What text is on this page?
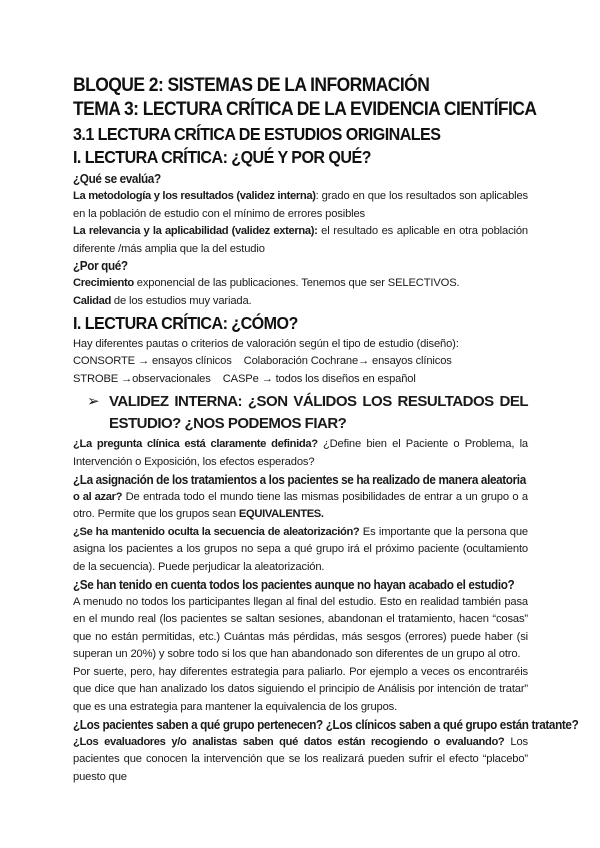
BLOQUE 2: SISTEMAS DE LA INFORMACIÓN
TEMA 3: LECTURA CRÍTICA DE LA EVIDENCIA CIENTÍFICA
3.1 LECTURA CRÍTICA DE ESTUDIOS ORIGINALES
I. LECTURA CRÍTICA: ¿QUÉ Y POR QUÉ?
¿Qué se evalúa?

La metodología y los resultados (validez interna): grado en que los resultados son aplicables en la población de estudio con el mínimo de errores posibles

La relevancia y la aplicabilidad (validez externa): el resultado es aplicable en otra población diferente /más amplia que la del estudio

¿Por qué?

Crecimiento exponencial de las publicaciones. Tenemos que ser SELECTIVOS.

Calidad de los estudios muy variada.

I. LECTURA CRÍTICA: ¿CÓMO?
Hay diferentes pautas o criterios de valoración según el tipo de estudio (diseño):
CONSORTE → ensayos clínicos Colaboración Cochrane→ ensayos clínicos
STROBE →observacionales CASPe → todos los diseños en español
➢ VALIDEZ INTERNA: ¿SON VÁLIDOS LOS RESULTADOS DEL ESTUDIO? ¿NOS PODEMOS FIAR?

¿La pregunta clínica está claramente definida? ¿Define bien el Paciente o Problema, la Intervención o Exposición, los efectos esperados?

¿La asignación de los tratamientos a los pacientes se ha realizado de manera aleatoria

o al azar? De entrada todo el mundo tiene las mismas posibilidades de entrar a un grupo o a otro. Permite que los grupos sean EQUIVALENTES.

¿Se ha mantenido oculta la secuencia de aleatorización? Es importante que la persona que asigna los pacientes a los grupos no sepa a qué grupo irá el próximo paciente (ocultamiento de la secuencia). Puede perjudicar la aleatorización.

¿Se han tenido en cuenta todos los pacientes aunque no hayan acabado el estudio?

A menudo no todos los participantes llegan al final del estudio. Esto en realidad también pasa en el mundo real (los pacientes se saltan sesiones, abandonan el tratamiento, hacen “cosas” que no están permitidas, etc.) Cuántas más pérdidas, más sesgos (errores) puede haber (si superan un 20%) y sobre todo si los que han abandonado son diferentes de un grupo al otro.

Por suerte, pero, hay diferentes estrategia para paliarlo. Por ejemplo a veces os encontraréis que dice que han analizado los datos siguiendo el principio de Análisis por intención de tratar” que es una estrategia para mantener la equivalencia de los grupos.

¿Los pacientes saben a qué grupo pertenecen? ¿Los clínicos saben a qué grupo están tratante?

¿Los evaluadores y/o analistas saben qué datos están recogiendo o evaluando? Los pacientes que conocen la intervención que se los realizará pueden sufrir el efecto “placebo” puesto que
